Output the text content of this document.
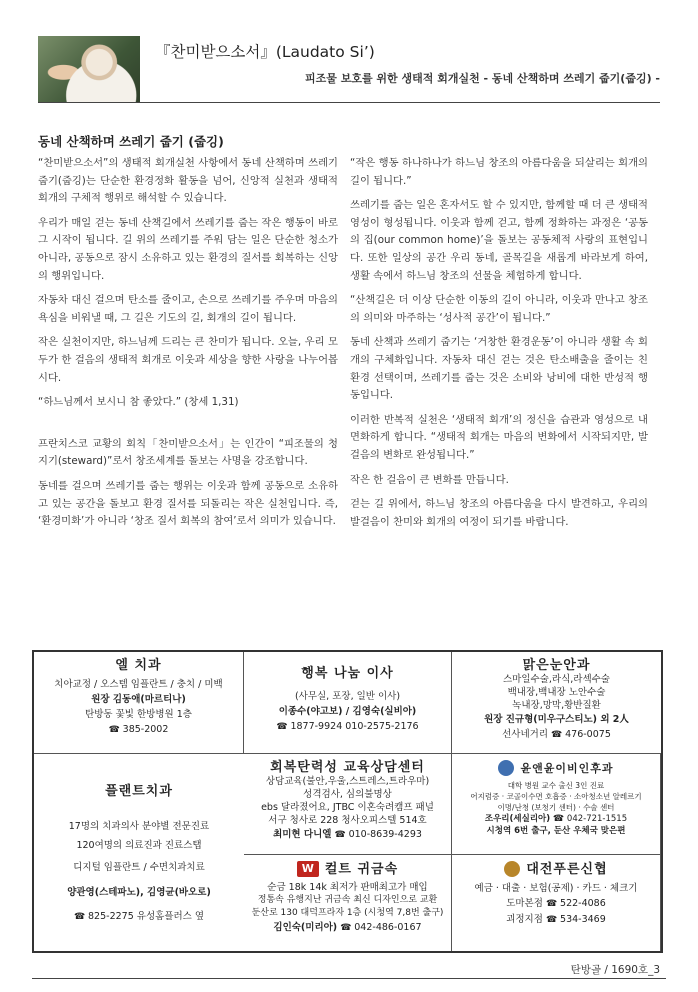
『찬미받으소서』(Laudato Si’)
피조물 보호를 위한 생태적 회개실천 - 동네 산책하며 쓰레기 줍기(줍깅) -
동네 산책하며 쓰레기 줍기 (줍깅)

“찬미받으소서”의 생태적 회개실천 사항에서 동네 산책하며 쓰레기 줍기(줍깅)는 단순한 환경정화 활동을 넘어, 신앙적 실천과 생태적 회개의 구체적 행위로 해석할 수 있습니다.

우리가 매일 걷는 동네 산책길에서 쓰레기를 줍는 작은 행동이 바로 그 시작이 됩니다. 길 위의 쓰레기를 주워 담는 일은 단순한 청소가 아니라, 공동으로 잠시 소유하고 있는 환경의 질서를 회복하는 신앙의 행위입니다.

자동차 대신 걸으며 탄소를 줄이고, 손으로 쓰레기를 주우며 마음의 욕심을 비워낼 때, 그 길은 기도의 길, 회개의 길이 됩니다.

작은 실천이지만, 하느님께 드리는 큰 찬미가 됩니다. 오늘, 우리 모두가 한 걸음의 생태적 회개로 이웃과 세상을 향한 사랑을 나누어봅시다.

“하느님께서 보시니 참 좋았다.” (창세 1,31)

프란치스코 교황의 회칙「찬미받으소서」는 인간이 “피조물의 청지기(steward)”로서 창조세계를 돌보는 사명을 강조합니다.

동네를 걸으며 쓰레기를 줍는 행위는 이웃과 함께 공동으로 소유하고 있는 공간을 돌보고 환경 질서를 되돌리는 작은 실천입니다. 즉, ‘환경미화’가 아니라 ‘창조 질서 회복의 참여’로서 의미가 있습니다.

“작은 행동 하나하나가 하느님 창조의 아름다움을 되살리는 회개의 길이 됩니다.”

쓰레기를 줍는 일은 혼자서도 할 수 있지만, 함께할 때 더 큰 생태적 영성이 형성됩니다. 이웃과 함께 걷고, 함께 정화하는 과정은 ‘공동의 집(our common home)’을 돌보는 공동체적 사랑의 표현입니다. 또한 일상의 공간 우리 동네, 골목길을 새롭게 바라보게 하여, 생활 속에서 하느님 창조의 선물을 체험하게 합니다.

“산책길은 더 이상 단순한 이동의 길이 아니라, 이웃과 만나고 창조의 의미와 마주하는 ‘성사적 공간’이 됩니다.”

동네 산책과 쓰레기 줍기는 ‘거창한 환경운동’이 아니라 생활 속 회개의 구체화입니다. 자동차 대신 걷는 것은 탄소배출을 줄이는 친환경 선택이며, 쓰레기를 줍는 것은 소비와 낭비에 대한 반성적 행동입니다.

이러한 반복적 실천은 ‘생태적 회개’의 정신을 습관과 영성으로 내면화하게 합니다. “생태적 회개는 마음의 변화에서 시작되지만, 발걸음의 변화로 완성됩니다.”

작은 한 걸음이 큰 변화를 만듭니다.

걷는 길 위에서, 하느님 창조의 아름다움을 다시 발견하고, 우리의 발걸음이 찬미와 회개의 여정이 되기를 바랍니다.

엘 치과
치아교정 / 오스템 임플란트 / 충치 / 미백
원장 김동애(마르티나)
탄방동 꽃빛 한방병원 1층
☎ 385-2002
행복 나눔 이사
(사무실, 포장, 일반 이사)
이종수(야고보) / 김영숙(실비아)
☎ 1877-9924 010-2575-2176
맑은눈안과
스마일수술,라식,라섹수술
백내장,백내장 노안수술
녹내장,망막,황반질환
원장 진규형(미우구스티노) 외 2人
선사네거리 ☎ 476-0075
회복탄력성 교육상담센터
상담교육(불안,우울,스트레스,트라우마)
성격검사, 심의불명상
ebs 달라졌어요, JTBC 이혼숙려캠프 패널
서구 청사로 228 청사오피스텔 514호
최미현 다니엘 ☎ 010-8639-4293
윤앤윤이비인후과
대학 병원 교수 출신 3인 진료
어지럼증 · 코골이수면 호흡증 · 소아청소년 알레르기
이명/난청 (보청기 센터) · 수술 센터
조우리(세실리아) ☎ 042-721-1515
시청역 6번 출구, 둔산 우체국 맞은편
플랜트치과
17명의 치과의사 분야별 전문진료
120여명의 의료진과 진료스탭
디지털 임플란트 / 수면치과치료
양관영(스테파노), 김영균(바오로)
☎ 825-2275 유성홈플러스 옆
W 컬트 귀금속
순금 18k 14k 최저가 판매최고가 매입
정통속 유행지난 귀금속 최신 디자인으로 교환
둔산로 130 대덕프라자 1층 (시청역 7,8번 출구)
김인숙(미리아) ☎ 042-486-0167
대전푸른신협
예금 · 대출 · 보험(공제) · 카드 · 체크기
도마본점 ☎ 522-4086
괴정지점 ☎ 534-3469
탄방골 / 1690호_3
